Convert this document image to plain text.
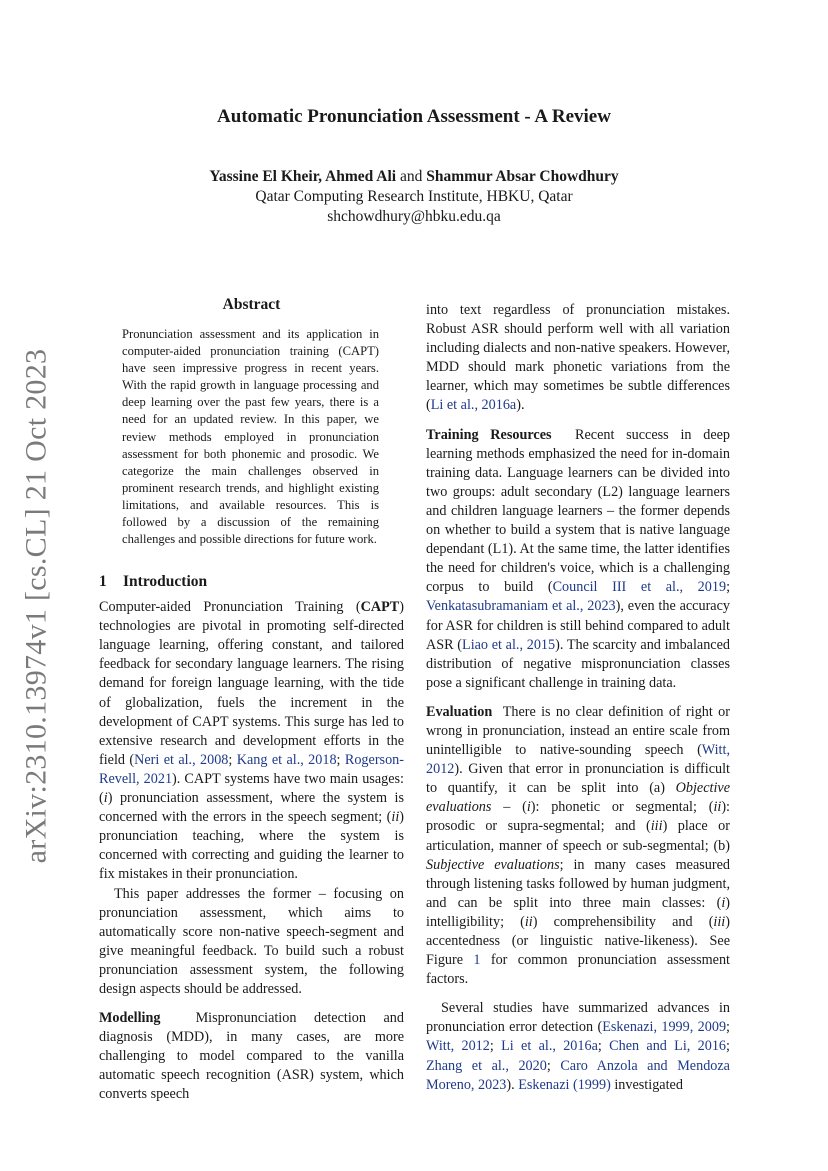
arXiv:2310.13974v1 [cs.CL] 21 Oct 2023
Automatic Pronunciation Assessment - A Review
Yassine El Kheir, Ahmed Ali and Shammur Absar Chowdhury
Qatar Computing Research Institute, HBKU, Qatar
shchowdhury@hbku.edu.qa
Abstract
Pronunciation assessment and its application in computer-aided pronunciation training (CAPT) have seen impressive progress in recent years. With the rapid growth in language processing and deep learning over the past few years, there is a need for an updated review. In this paper, we review methods employed in pronunciation assessment for both phonemic and prosodic. We categorize the main challenges observed in prominent research trends, and highlight existing limitations, and available resources. This is followed by a discussion of the remaining challenges and possible directions for future work.
1 Introduction

Computer-aided Pronunciation Training (CAPT) technologies are pivotal in promoting self-directed language learning, offering constant, and tailored feedback for secondary language learners. The rising demand for foreign language learning, with the tide of globalization, fuels the increment in the development of CAPT systems. This surge has led to extensive research and development efforts in the field (Neri et al., 2008; Kang et al., 2018; Rogerson-Revell, 2021). CAPT systems have two main usages: (i) pronunciation assessment, where the system is concerned with the errors in the speech segment; (ii) pronunciation teaching, where the system is concerned with correcting and guiding the learner to fix mistakes in their pronunciation.

This paper addresses the former – focusing on pronunciation assessment, which aims to automatically score non-native speech-segment and give meaningful feedback. To build such a robust pronunciation assessment system, the following design aspects should be addressed.

Modelling Mispronunciation detection and diagnosis (MDD), in many cases, are more challenging to model compared to the vanilla automatic speech recognition (ASR) system, which converts speech

into text regardless of pronunciation mistakes. Robust ASR should perform well with all variation including dialects and non-native speakers. However, MDD should mark phonetic variations from the learner, which may sometimes be subtle differences (Li et al., 2016a).

Training Resources Recent success in deep learning methods emphasized the need for in-domain training data. Language learners can be divided into two groups: adult secondary (L2) language learners and children language learners – the former depends on whether to build a system that is native language dependant (L1). At the same time, the latter identifies the need for children's voice, which is a challenging corpus to build (Council III et al., 2019; Venkatasubramaniam et al., 2023), even the accuracy for ASR for children is still behind compared to adult ASR (Liao et al., 2015). The scarcity and imbalanced distribution of negative mispronunciation classes pose a significant challenge in training data.

Evaluation There is no clear definition of right or wrong in pronunciation, instead an entire scale from unintelligible to native-sounding speech (Witt, 2012). Given that error in pronunciation is difficult to quantify, it can be split into (a) Objective evaluations – (i): phonetic or segmental; (ii): prosodic or supra-segmental; and (iii) place or articulation, manner of speech or sub-segmental; (b) Subjective evaluations; in many cases measured through listening tasks followed by human judgment, and can be split into three main classes: (i) intelligibility; (ii) comprehensibility and (iii) accentedness (or linguistic native-likeness). See Figure 1 for common pronunciation assessment factors.

Several studies have summarized advances in pronunciation error detection (Eskenazi, 1999, 2009; Witt, 2012; Li et al., 2016a; Chen and Li, 2016; Zhang et al., 2020; Caro Anzola and Mendoza Moreno, 2023). Eskenazi (1999) investigated
